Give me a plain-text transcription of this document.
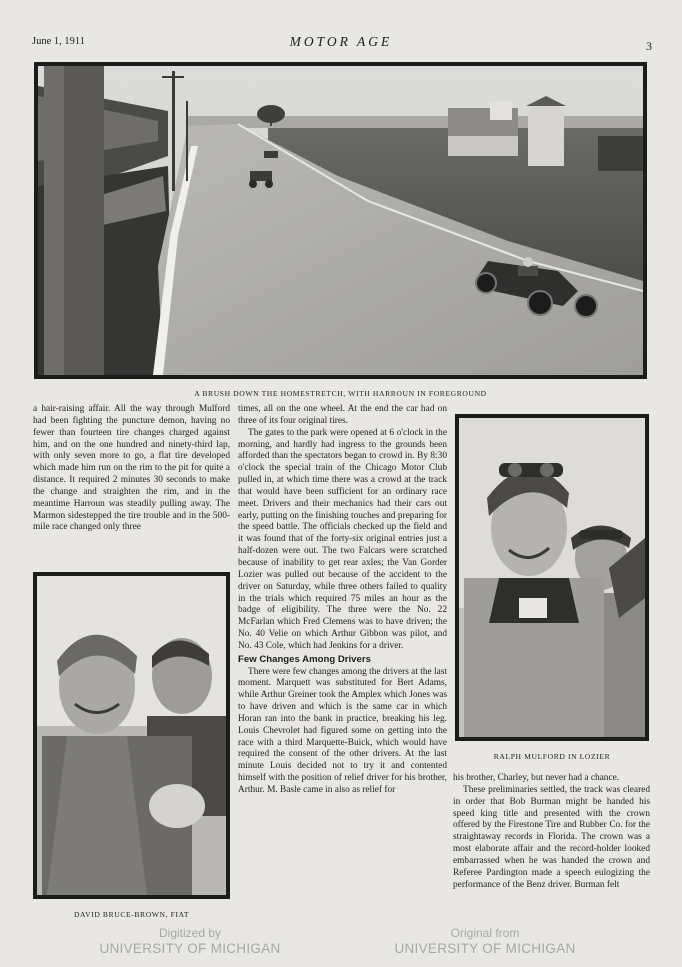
June 1, 1911	MOTOR AGE	3
A BRUSH DOWN THE HOMESTRETCH, WITH HARROUN IN FOREGROUND

a hair-raising affair. All the way through Mulford had been fighting the puncture demon, having no fewer than fourteen tire changes charged against him, and on the one hundred and ninety-third lap, with only seven more to go, a flat tire developed which made him run on the rim to the pit for quite a distance. It required 2 minutes 30 seconds to make the change and straighten the rim, and in the meantime Harroun was steadily pulling away. The Marmon sidestepped the tire trouble and in the 500-mile race changed only three

DAVID BRUCE-BROWN, FIAT

times, all on the one wheel. At the end the car had on three of its four original tires.

The gates to the park were opened at 6 o'clock in the morning, and hardly had ingress to the grounds been afforded than the spectators began to crowd in. By 8:30 o'clock the special train of the Chicago Motor Club pulled in, at which time there was a crowd at the track that would have been sufficient for an ordinary race meet. Drivers and their mechanics had their cars out early, putting on the finishing touches and preparing for the speed battle. The officials checked up the field and it was found that of the forty-six original entries just a half-dozen were out. The two Falcars were scratched because of inability to get rear axles; the Van Gorder Lozier was pulled out because of the accident to the driver on Saturday, while three others failed to quality in the trials which required 75 miles an hour as the badge of eligibility. The three were the No. 22 McFarlan which Fred Clemens was to have driven; the No. 40 Velie on which Arthur Gibbon was pilot, and No. 43 Cole, which had Jenkins for a driver.

Few Changes Among Drivers

There were few changes among the drivers at the last moment. Marquett was substituted for Bert Adams, while Arthur Greiner took the Amplex which Jones was to have driven and which is the same car in which Horan ran into the bank in practice, breaking his leg. Louis Chevrolet had figured some on getting into the race with a third Marquette-Buick, which would have required the consent of the other drivers. At the last minute Louis decided not to try it and contented himself with the position of relief driver for his brother, Arthur. M. Basle came in also as relief for

RALPH MULFORD IN LOZIER

his brother, Charley, but never had a chance.

These preliminaries settled, the track was cleared in order that Bob Burman might be handed his speed king title and presented with the crown offered by the Firestone Tire and Rubber Co. for the straightaway records in Florida. The crown was a most elaborate affair and the record-holder looked embarrassed when he was handed the crown and Referee Pardington made a speech eulogizing the performance of the Benz driver. Burman felt

Digitized by
UNIVERSITY OF MICHIGAN
Original from
UNIVERSITY OF MICHIGAN
